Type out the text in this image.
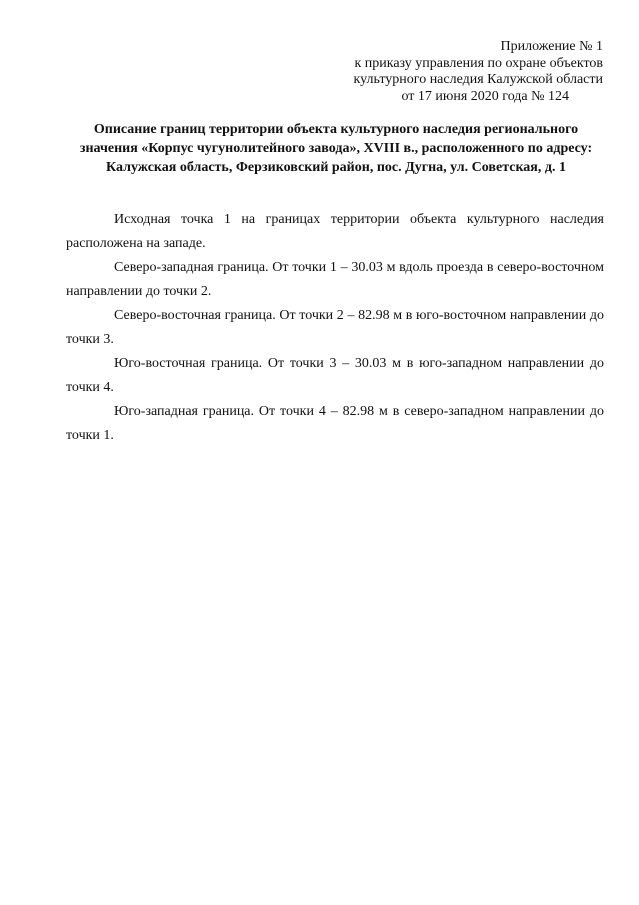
Приложение № 1
к приказу управления по охране объектов
культурного наследия Калужской области
от 17 июня 2020 года № 124
Описание границ территории объекта культурного наследия регионального
значения «Корпус чугунолитейного завода», XVIII в., расположенного по адресу:
Калужская область, Ферзиковский район, пос. Дугна, ул. Советская, д. 1

Исходная точка 1 на границах территории объекта культурного наследия расположена на западе.

Северо-западная граница. От точки 1 – 30.03 м вдоль проезда в северо-восточном направлении до точки 2.

Северо-восточная граница. От точки 2 – 82.98 м в юго-восточном направлении до точки 3.

Юго-восточная граница. От точки 3 – 30.03 м в юго-западном направлении до точки 4.

Юго-западная граница. От точки 4 – 82.98 м в северо-западном направлении до точки 1.
